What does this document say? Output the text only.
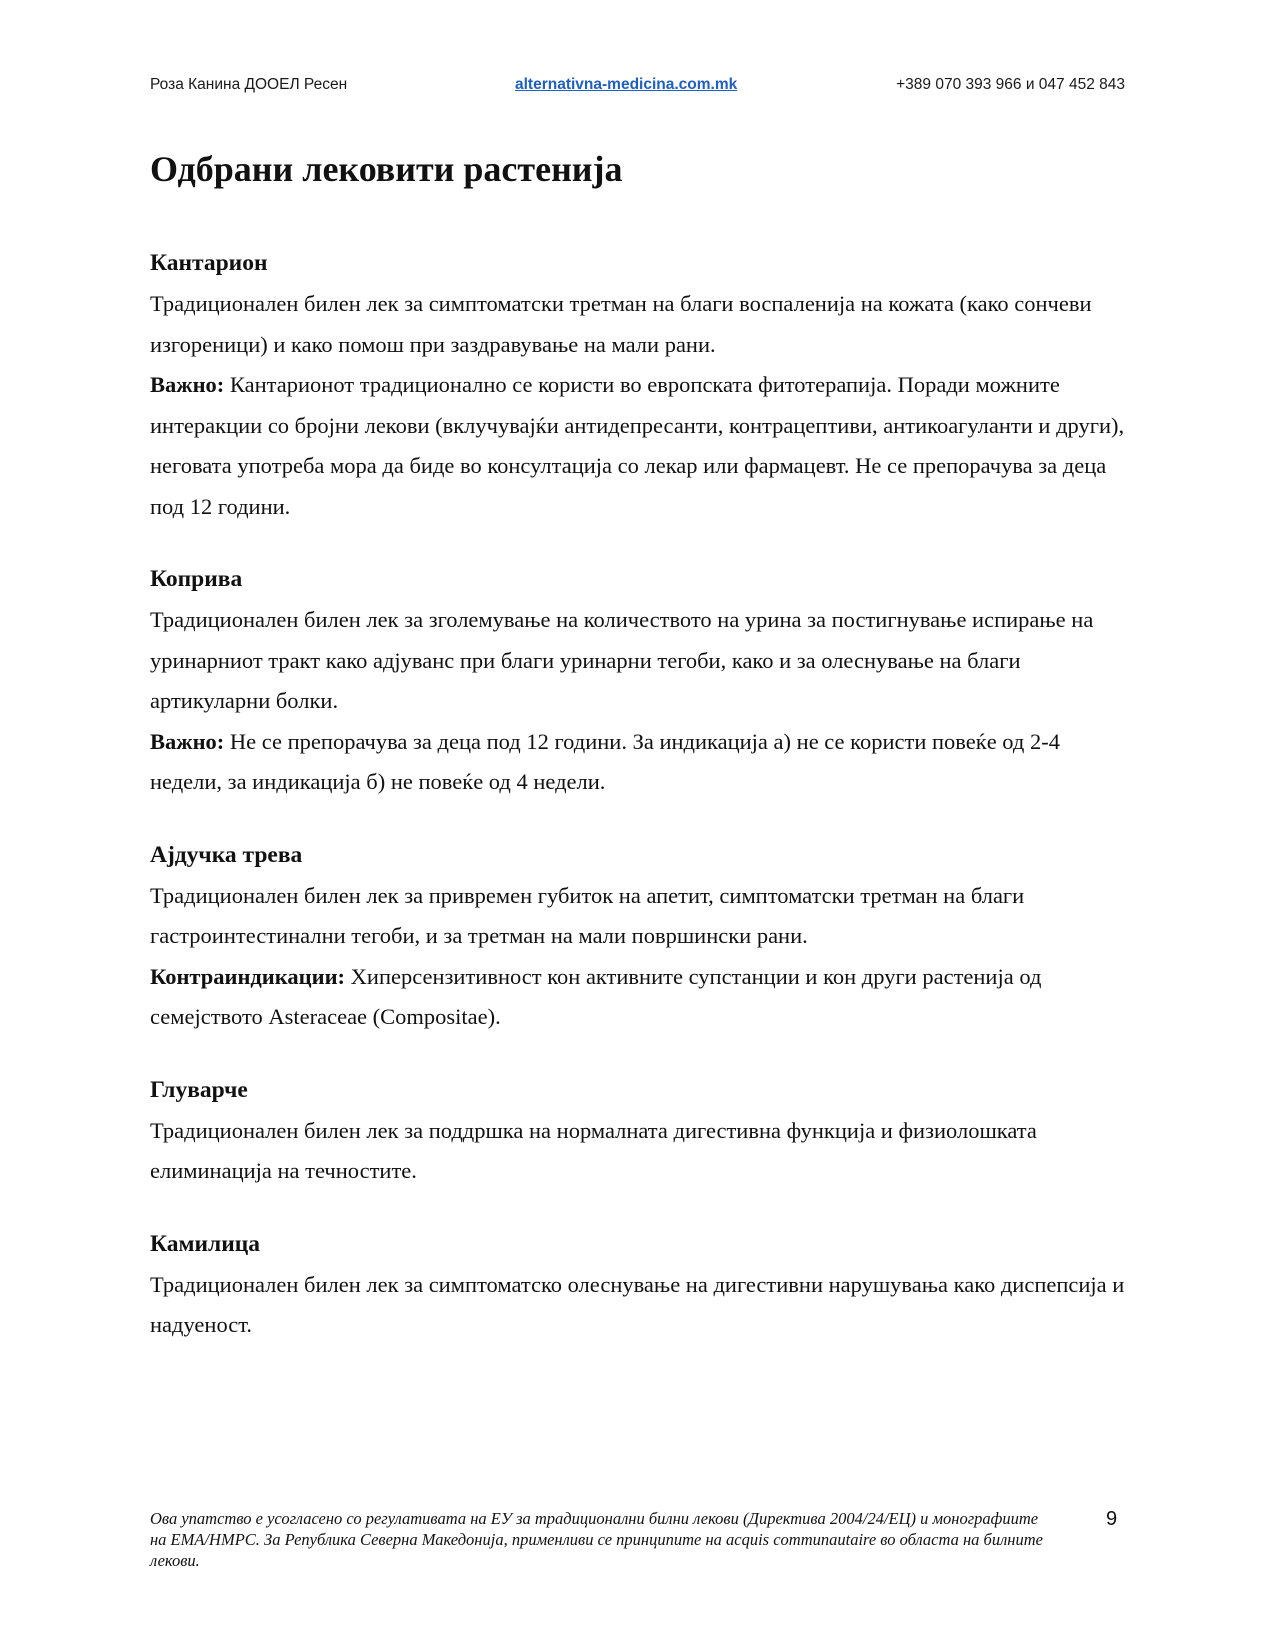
Роза Канина ДООЕЛ Ресен	alternativna-medicina.com.mk	+389 070 393 966 и 047 452 843
Одбрани лековити растенија
Кантарион

Традиционален билен лек за симптоматски третман на благи воспаленија на кожата (како сончеви изгореници) и како помош при заздравување на мали рани.

Важно: Кантарионот традиционално се користи во европската фитотерапија. Поради можните интеракции со бројни лекови (вклучувајќи антидепресанти, контрацептиви, антикоагуланти и други), неговата употреба мора да биде во консултација со лекар или фармацевт. Не се препорачува за деца под 12 години.

Коприва

Традиционален билен лек за зголемување на количеството на урина за постигнување испирање на уринарниот тракт како адјуванс при благи уринарни тегоби, како и за олеснување на благи артикуларни болки.

Важно: Не се препорачува за деца под 12 години. За индикација а) не се користи повеќе од 2-4 недели, за индикација б) не повеќе од 4 недели.

Ајдучка трева

Традиционален билен лек за привремен губиток на апетит, симптоматски третман на благи гастроинтестинални тегоби, и за третман на мали површински рани.

Контраиндикации: Хиперсензитивност кон активните супстанции и кон други растенија од семејството Asteraceae (Compositae).

Глуварче

Традиционален билен лек за поддршка на нормалната дигестивна функција и физиолошката елиминација на течностите.

Камилица

Традиционален билен лек за симптоматско олеснување на дигестивни нарушувања како диспепсија и надуеност.

Ова упатство е усогласено со регулативата на ЕУ за традиционални билни лекови (Директива 2004/24/ЕЦ) и монографиите на EMA/HMPC. За Република Северна Македонија, применливи се принципите на acquis communautaire во областа на билните лекови.
9
